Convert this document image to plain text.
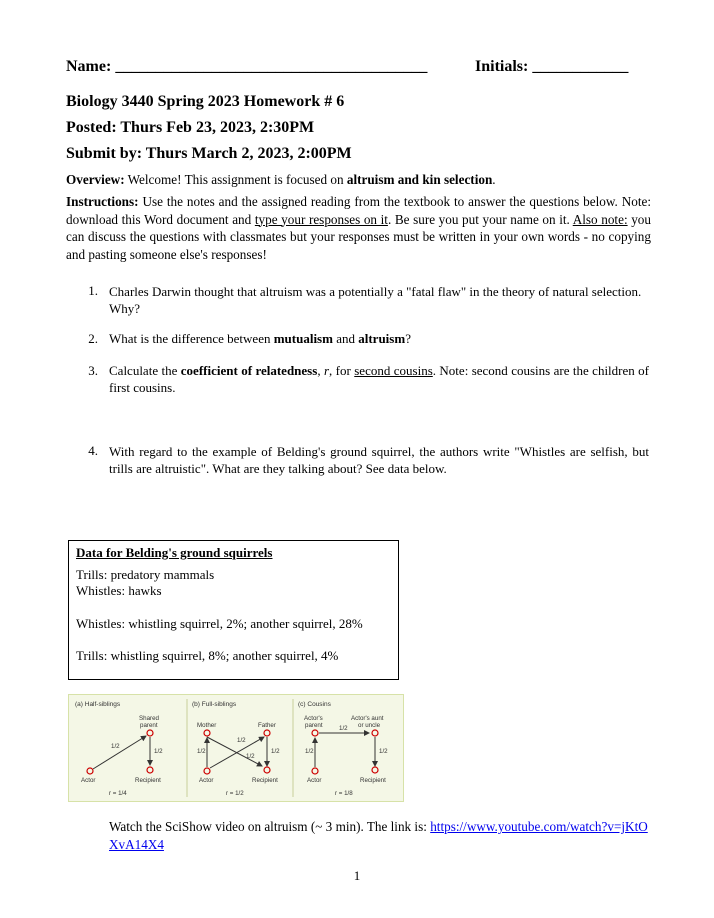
Name: _______________________________________	Initials: ____________
Biology 3440 Spring 2023 Homework # 6
Posted: Thurs Feb 23, 2023, 2:30PM
Submit by: Thurs March 2, 2023, 2:00PM
Overview: Welcome! This assignment is focused on altruism and kin selection.
Instructions: Use the notes and the assigned reading from the textbook to answer the questions below. Note: download this Word document and type your responses on it. Be sure you put your name on it. Also note: you can discuss the questions with classmates but your responses must be written in your own words - no copying and pasting someone else's responses!
1. Charles Darwin thought that altruism was a potentially a "fatal flaw" in the theory of natural selection. Why?
2. What is the difference between mutualism and altruism?
3. Calculate the coefficient of relatedness, r, for second cousins. Note: second cousins are the children of first cousins.
4. With regard to the example of Belding's ground squirrel, the authors write "Whistles are selfish, but trills are altruistic". What are they talking about? See data below.
Data for Belding's ground squirrels
Trills: predatory mammals
Whistles: hawks
Whistles: whistling squirrel, 2%; another squirrel, 28%
Trills: whistling squirrel, 8%; another squirrel, 4%
(a) Half-siblings	(b) Full-siblings	(c) Cousins
Shared
parent
1/2
1/2
Actor	Recipient
r = 1/4
Mother	Father
1/2
1/2
1/2
1/2
Actor	Recipient
r = 1/2
Actor's
parent
Actor's aunt
or uncle
1/2
1/2	1/2
Actor	Recipient
r = 1/8
Watch the SciShow video on altruism (~ 3 min). The link is: https://www.youtube.com/watch?v=jKtOXvA14X4
1
